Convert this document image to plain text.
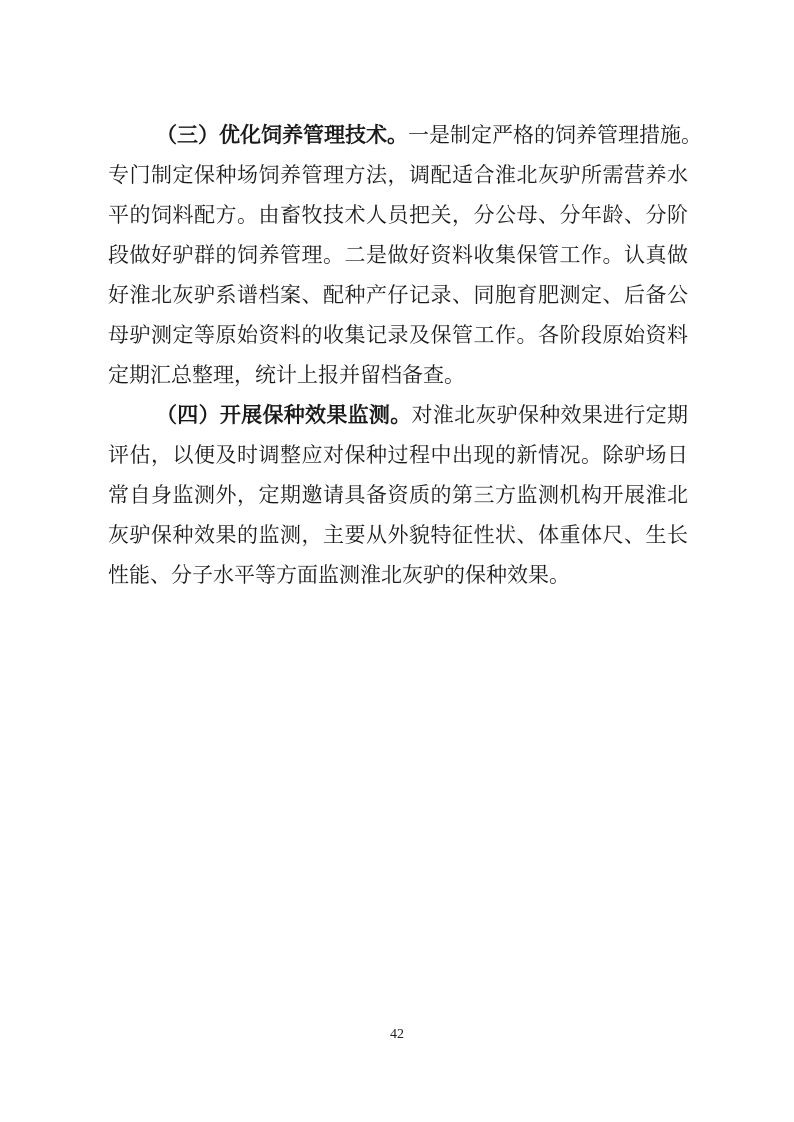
（三）优化饲养管理技术。一是制定严格的饲养管理措施。
专门制定保种场饲养管理方法，调配适合淮北灰驴所需营养水
平的饲料配方。由畜牧技术人员把关，分公母、分年龄、分阶
段做好驴群的饲养管理。二是做好资料收集保管工作。认真做
好淮北灰驴系谱档案、配种产仔记录、同胞育肥测定、后备公
母驴测定等原始资料的收集记录及保管工作。各阶段原始资料
定期汇总整理，统计上报并留档备查。
（四）开展保种效果监测。对淮北灰驴保种效果进行定期
评估，以便及时调整应对保种过程中出现的新情况。除驴场日
常自身监测外，定期邀请具备资质的第三方监测机构开展淮北
灰驴保种效果的监测，主要从外貌特征性状、体重体尺、生长
性能、分子水平等方面监测淮北灰驴的保种效果。
42
